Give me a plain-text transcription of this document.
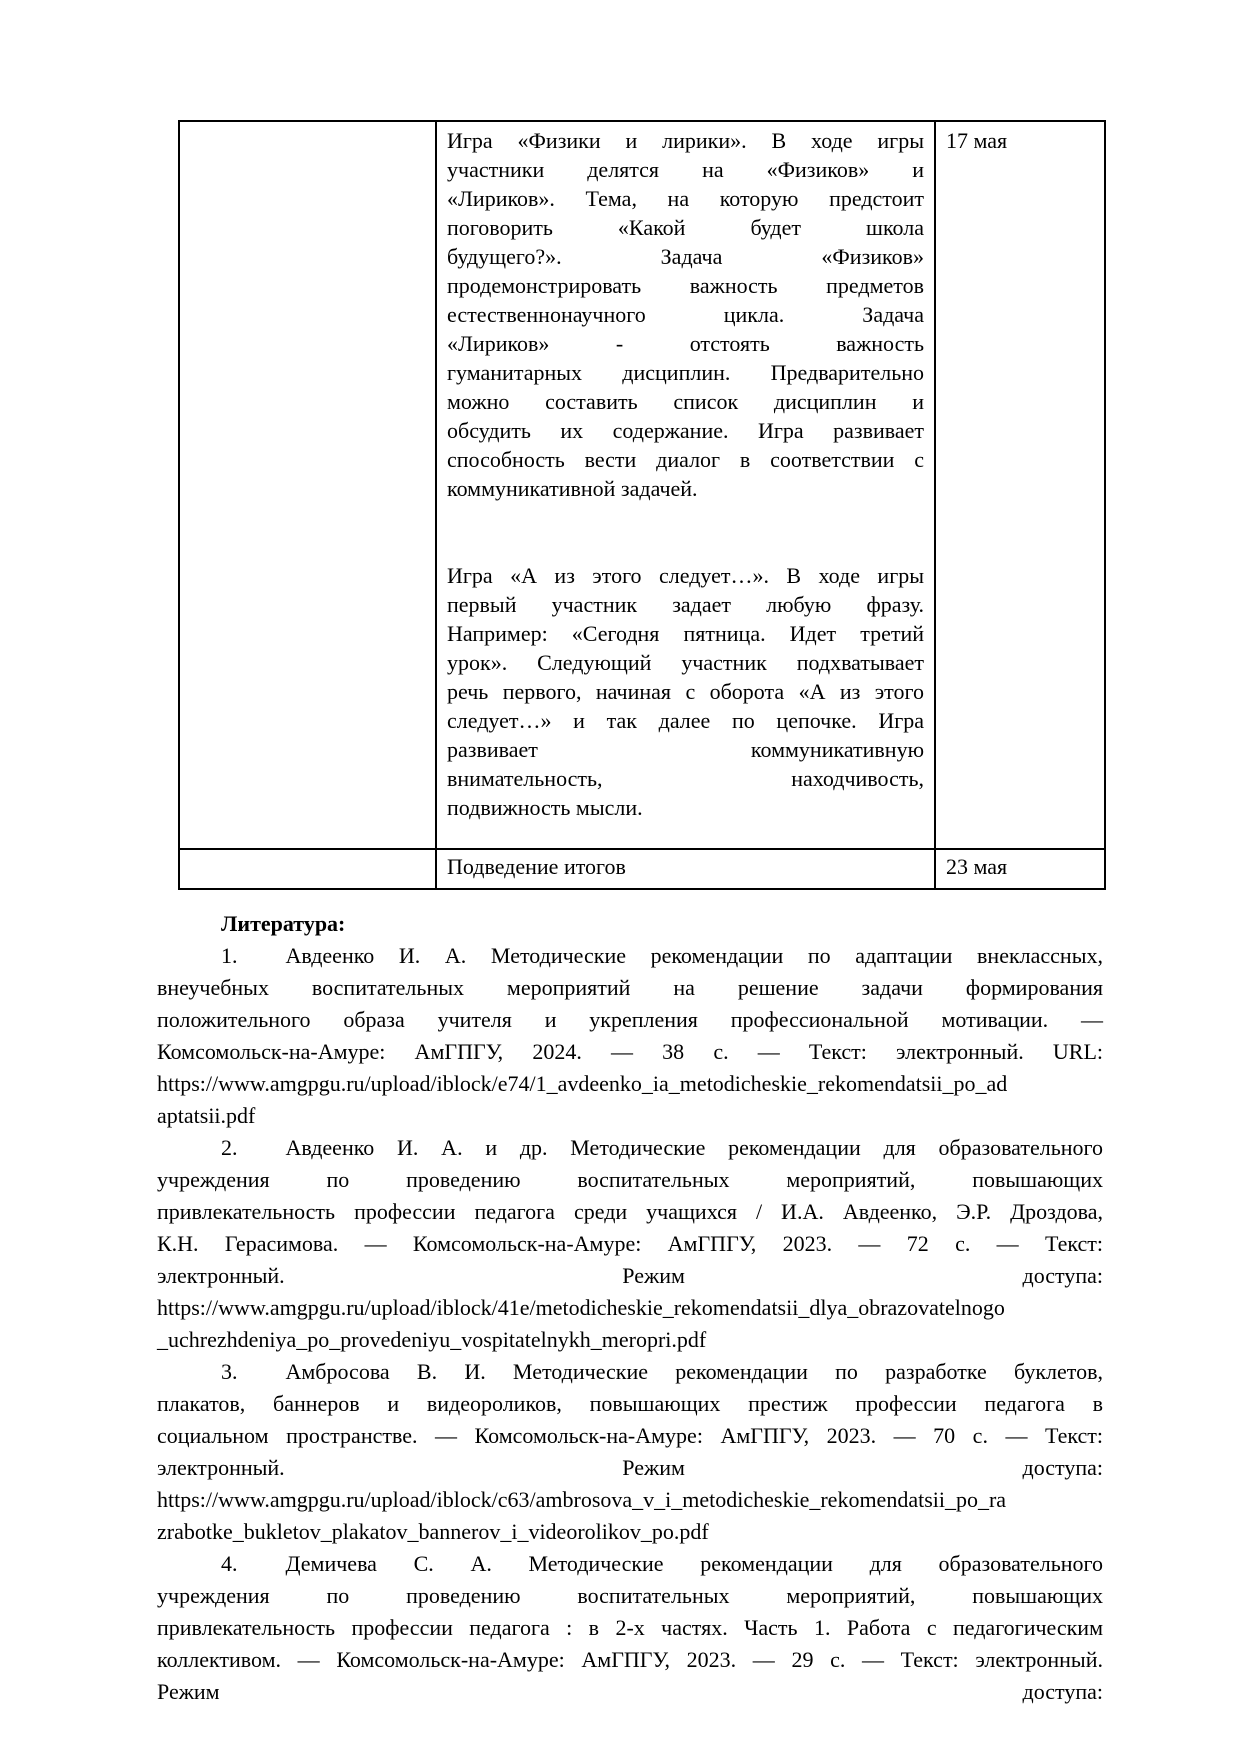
Игра «Физики и лирики». В ходе игры
участники делятся на «Физиков» и
«Лириков». Тема, на которую предстоит
поговорить «Какой будет школа
будущего?». Задача «Физиков»
продемонстрировать важность предметов
естественнонаучного цикла. Задача
«Лириков» - отстоять важность
гуманитарных дисциплин. Предварительно
можно составить список дисциплин и
обсудить их содержание. Игра развивает
способность вести диалог в соответствии с
коммуникативной задачей.
Игра «А из этого следует…». В ходе игры
первый участник задает любую фразу.
Например: «Сегодня пятница. Идет третий
урок». Следующий участник подхватывает
речь первого, начиная с оборота «А из этого
следует…» и так далее по цепочке. Игра
развивает коммуникативную
внимательность, находчивость,
подвижность мысли.
17 мая
Подведение итогов	23 мая
Литература:
1. Авдеенко И. А. Методические рекомендации по адаптации внеклассных,
внеучебных воспитательных мероприятий на решение задачи формирования
положительного образа учителя и укрепления профессиональной мотивации. —
Комсомольск-на-Амуре: АмГПГУ, 2024. — 38 с. — Текст: электронный. URL:
https://www.amgpgu.ru/upload/iblock/e74/1_avdeenko_ia_metodicheskie_rekomendatsii_po_ad
aptatsii.pdf
2. Авдеенко И. А. и др. Методические рекомендации для образовательного
учреждения по проведению воспитательных мероприятий, повышающих
привлекательность профессии педагога среди учащихся / И.А. Авдеенко, Э.Р. Дроздова,
К.Н. Герасимова. — Комсомольск-на-Амуре: АмГПГУ, 2023. — 72 с. — Текст:
электронный. Режим доступа:
https://www.amgpgu.ru/upload/iblock/41e/metodicheskie_rekomendatsii_dlya_obrazovatelnogo
_uchrezhdeniya_po_provedeniyu_vospitatelnykh_meropri.pdf
3. Амбросова В. И. Методические рекомендации по разработке буклетов,
плакатов, баннеров и видеороликов, повышающих престиж профессии педагога в
социальном пространстве. — Комсомольск-на-Амуре: АмГПГУ, 2023. — 70 с. — Текст:
электронный. Режим доступа:
https://www.amgpgu.ru/upload/iblock/c63/ambrosova_v_i_metodicheskie_rekomendatsii_po_ra
zrabotke_bukletov_plakatov_bannerov_i_videorolikov_po.pdf
4. Демичева С. А. Методические рекомендации для образовательного
учреждения по проведению воспитательных мероприятий, повышающих
привлекательность профессии педагога : в 2-х частях. Часть 1. Работа с педагогическим
коллективом. — Комсомольск-на-Амуре: АмГПГУ, 2023. — 29 с. — Текст: электронный.
Режим доступа:
